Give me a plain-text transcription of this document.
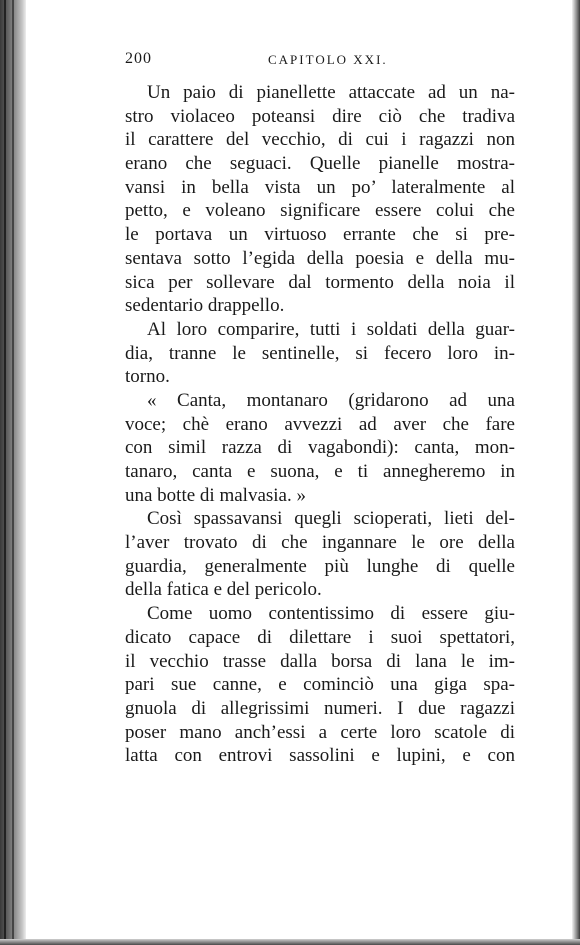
200	CAPITOLO XXI.
Un paio di pianellette attaccate ad un na-
stro violaceo poteansi dire ciò che tradiva
il carattere del vecchio, di cui i ragazzi non
erano che seguaci. Quelle pianelle mostra-
vansi in bella vista un po’ lateralmente al
petto, e voleano significare essere colui che
le portava un virtuoso errante che si pre-
sentava sotto l’egida della poesia e della mu-
sica per sollevare dal tormento della noia il
sedentario drappello.
Al loro comparire, tutti i soldati della guar-
dia, tranne le sentinelle, si fecero loro in-
torno.
« Canta, montanaro (gridarono ad una
voce; chè erano avvezzi ad aver che fare
con simil razza di vagabondi): canta, mon-
tanaro, canta e suona, e ti annegheremo in
una botte di malvasia. »
Così spassavansi quegli scioperati, lieti del-
l’aver trovato di che ingannare le ore della
guardia, generalmente più lunghe di quelle
della fatica e del pericolo.
Come uomo contentissimo di essere giu-
dicato capace di dilettare i suoi spettatori,
il vecchio trasse dalla borsa di lana le im-
pari sue canne, e cominciò una giga spa-
gnuola di allegrissimi numeri. I due ragazzi
poser mano anch’essi a certe loro scatole di
latta con entrovi sassolini e lupini, e con
